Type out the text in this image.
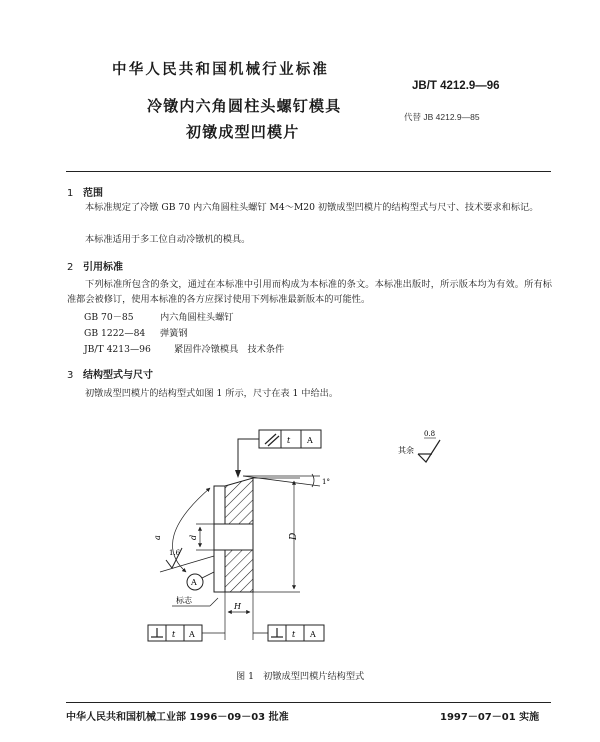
中华人民共和国机械行业标准
JB/T 4212.9—96
冷镦内六角圆柱头螺钉模具
初镦成型凹模片
代替 JB 4212.9—85
1 范围
本标准规定了冷镦 GB 70 内六角圆柱头螺钉 M4～M20 初镦成型凹模片的结构型式与尺寸、技术要求和标记。
本标准适用于多工位自动冷镦机的模具。
2 引用标准
下列标准所包含的条文，通过在本标准中引用而构成为本标准的条文。本标准出版时，所示版本均为有效。所有标准都会被修订，使用本标准的各方应探讨使用下列标准最新版本的可能性。
GB 70－85	内六角圆柱头螺钉
GB 1222—84 弹簧钢
JB/T 4213—96	紧固件冷镦模具　技术条件
3 结构型式与尺寸
初镦成型凹模片的结构型式如图 1 所示，尺寸在表 1 中给出。
t A
其余
0.8
1°
D
d
a
1.6
A
标志
H
t A	t A
图 1　初镦成型凹模片结构型式
中华人民共和国机械工业部 1996－09－03 批准	1997－07－01 实施
